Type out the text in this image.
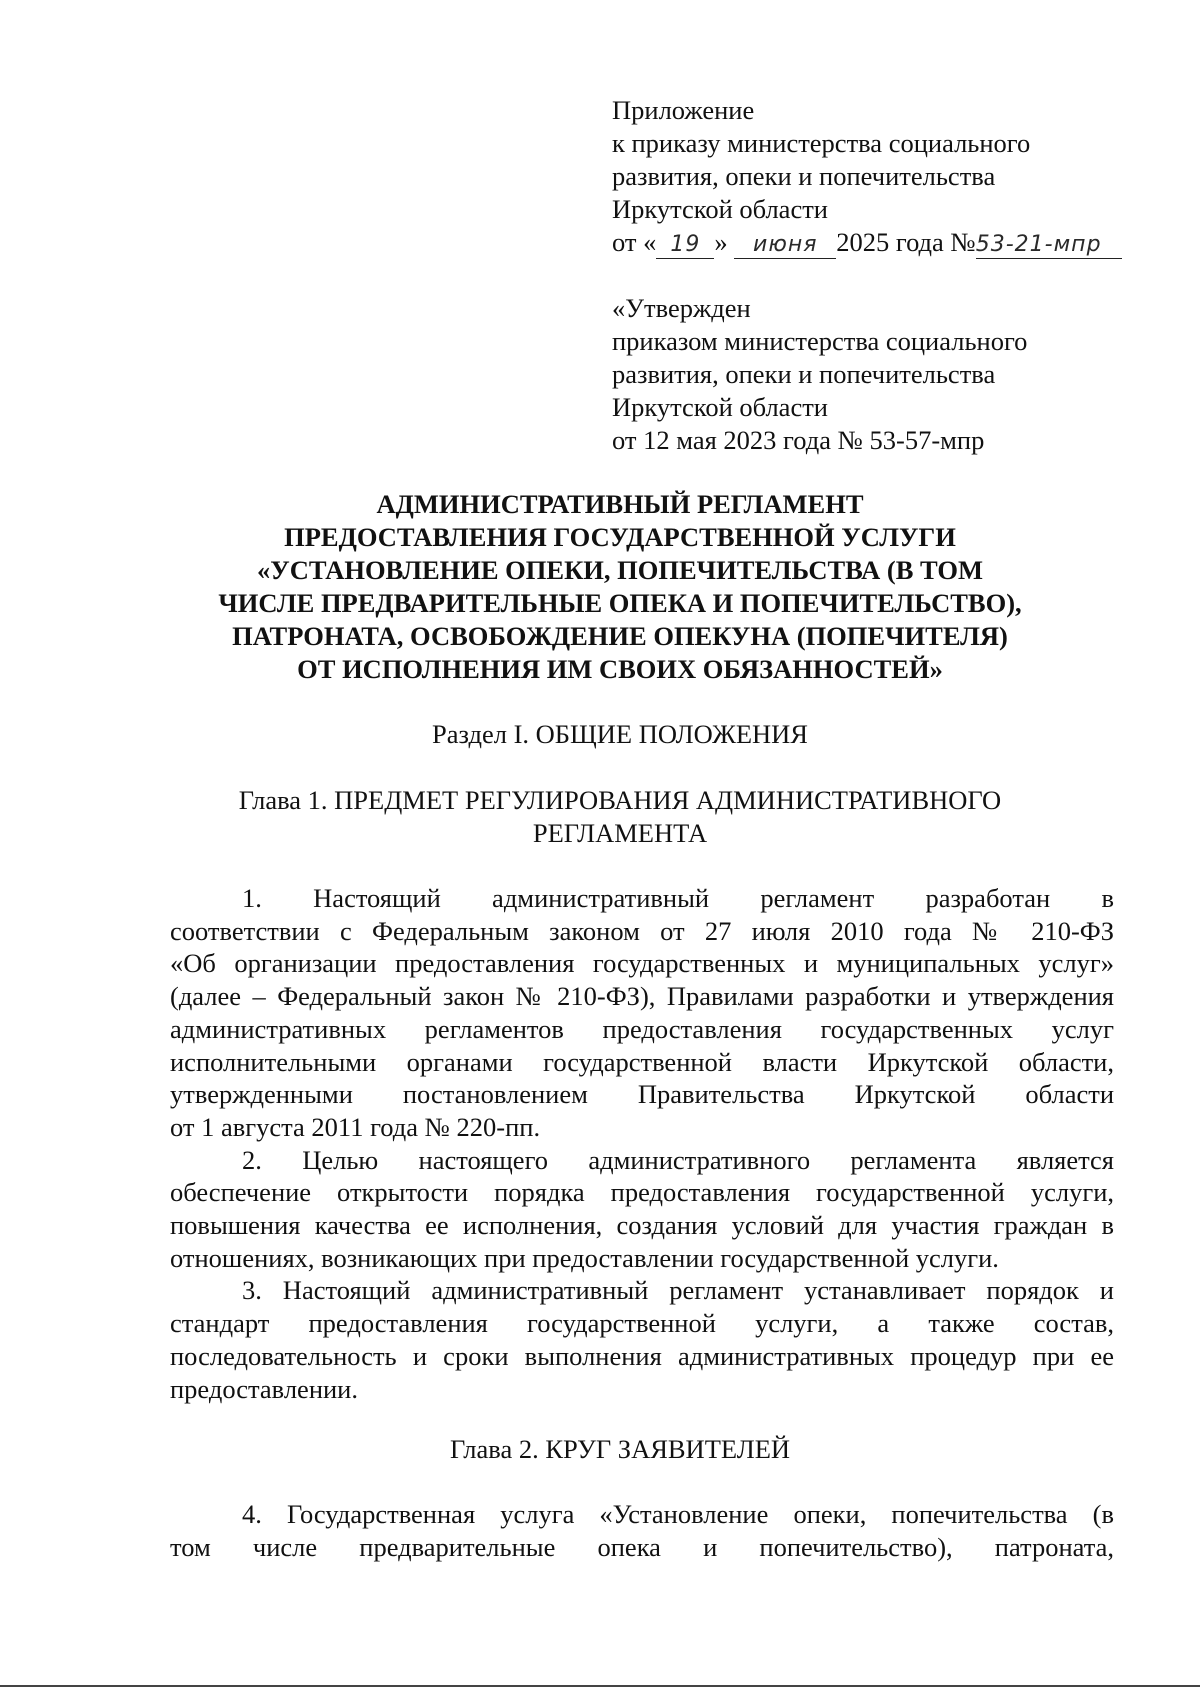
Приложение
к приказу министерства социального
развития, опеки и попечительства
Иркутской области
от « 19 » июня 2025 года №53-21-мпр
«Утвержден
приказом министерства социального
развития, опеки и попечительства
Иркутской области
от 12 мая 2023 года № 53-57-мпр
АДМИНИСТРАТИВНЫЙ РЕГЛАМЕНТ
ПРЕДОСТАВЛЕНИЯ ГОСУДАРСТВЕННОЙ УСЛУГИ
«УСТАНОВЛЕНИЕ ОПЕКИ, ПОПЕЧИТЕЛЬСТВА (В ТОМ
ЧИСЛЕ ПРЕДВАРИТЕЛЬНЫЕ ОПЕКА И ПОПЕЧИТЕЛЬСТВО),
ПАТРОНАТА, ОСВОБОЖДЕНИЕ ОПЕКУНА (ПОПЕЧИТЕЛЯ)
ОТ ИСПОЛНЕНИЯ ИМ СВОИХ ОБЯЗАННОСТЕЙ»
Раздел I. ОБЩИЕ ПОЛОЖЕНИЯ
Глава 1. ПРЕДМЕТ РЕГУЛИРОВАНИЯ АДМИНИСТРАТИВНОГО
РЕГЛАМЕНТА
1. Настоящий административный регламент разработан в
соответствии с Федеральным законом от 27 июля 2010 года № 210-ФЗ
«Об организации предоставления государственных и муниципальных услуг»
(далее – Федеральный закон № 210-ФЗ), Правилами разработки и утверждения
административных регламентов предоставления государственных услуг
исполнительными органами государственной власти Иркутской области,
утвержденными постановлением Правительства Иркутской области
от 1 августа 2011 года № 220-пп.
2. Целью настоящего административного регламента является
обеспечение открытости порядка предоставления государственной услуги,
повышения качества ее исполнения, создания условий для участия граждан в
отношениях, возникающих при предоставлении государственной услуги.
3. Настоящий административный регламент устанавливает порядок и
стандарт предоставления государственной услуги, а также состав,
последовательность и сроки выполнения административных процедур при ее
предоставлении.
Глава 2. КРУГ ЗАЯВИТЕЛЕЙ
4. Государственная услуга «Установление опеки, попечительства (в
том числе предварительные опека и попечительство), патроната,
